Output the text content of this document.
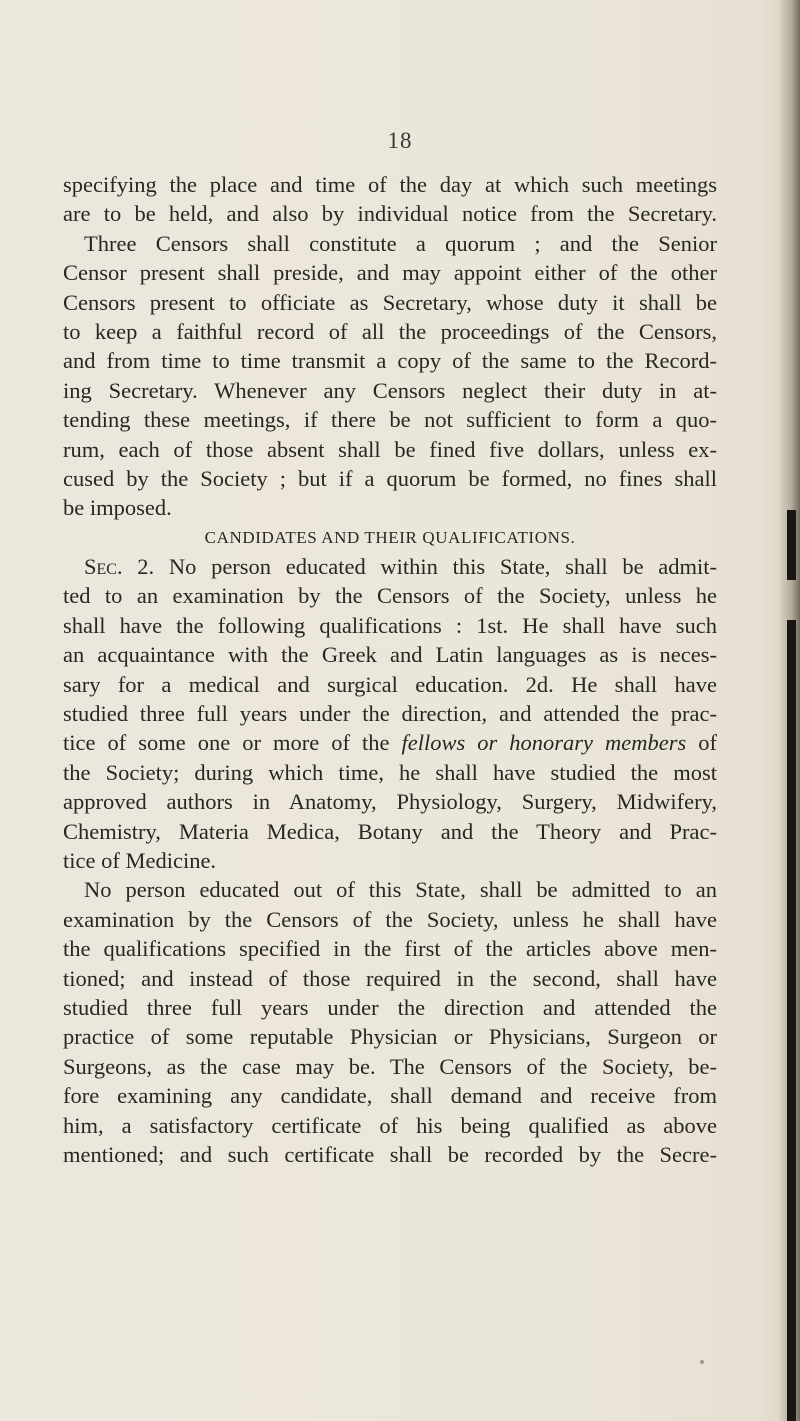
18
specifying the place and time of the day at which such meetings
are to be held, and also by individual notice from the Secretary.
Three Censors shall constitute a quorum ; and the Senior
Censor present shall preside, and may appoint either of the other
Censors present to officiate as Secretary, whose duty it shall be
to keep a faithful record of all the proceedings of the Censors,
and from time to time transmit a copy of the same to the Record-
ing Secretary. Whenever any Censors neglect their duty in at-
tending these meetings, if there be not sufficient to form a quo-
rum, each of those absent shall be fined five dollars, unless ex-
cused by the Society ; but if a quorum be formed, no fines shall
be imposed.
CANDIDATES AND THEIR QUALIFICATIONS.
Sec. 2. No person educated within this State, shall be admit-
ted to an examination by the Censors of the Society, unless he
shall have the following qualifications : 1st. He shall have such
an acquaintance with the Greek and Latin languages as is neces-
sary for a medical and surgical education. 2d. He shall have
studied three full years under the direction, and attended the prac-
tice of some one or more of the fellows or honorary members of
the Society; during which time, he shall have studied the most
approved authors in Anatomy, Physiology, Surgery, Midwifery,
Chemistry, Materia Medica, Botany and the Theory and Prac-
tice of Medicine.
No person educated out of this State, shall be admitted to an
examination by the Censors of the Society, unless he shall have
the qualifications specified in the first of the articles above men-
tioned; and instead of those required in the second, shall have
studied three full years under the direction and attended the
practice of some reputable Physician or Physicians, Surgeon or
Surgeons, as the case may be. The Censors of the Society, be-
fore examining any candidate, shall demand and receive from
him, a satisfactory certificate of his being qualified as above
mentioned; and such certificate shall be recorded by the Secre-
